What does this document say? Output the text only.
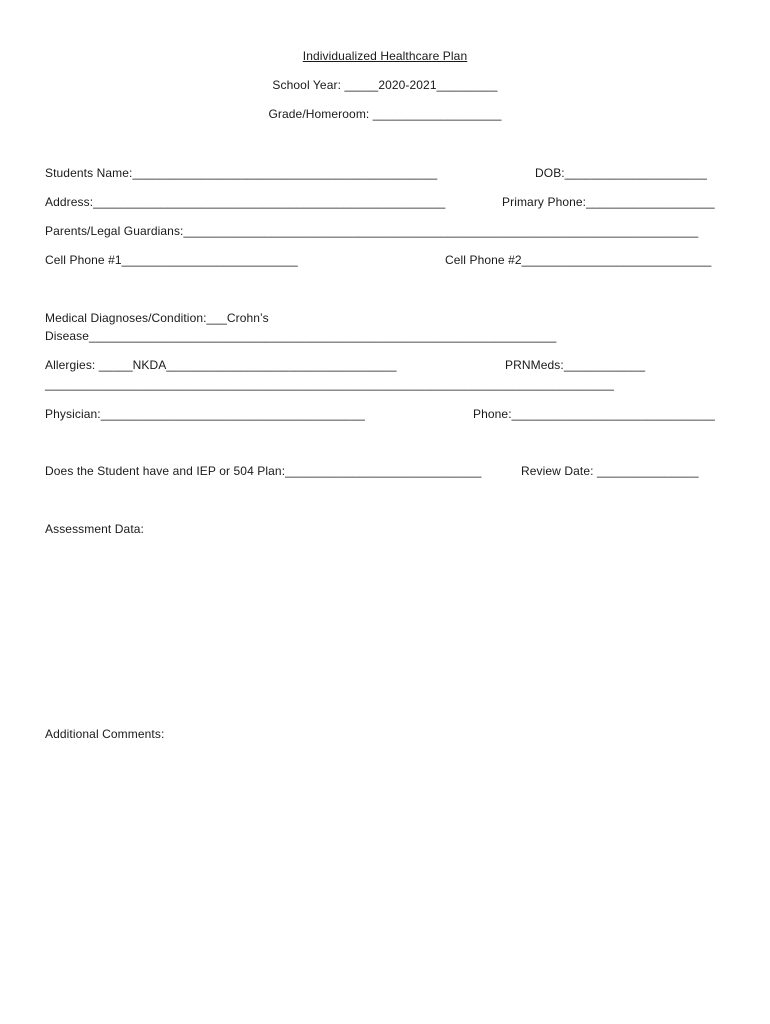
Individualized Healthcare Plan
School Year: _____2020-2021_________
Grade/Homeroom: ___________________
Students Name:_____________________________________________	DOB:_____________________
Address:____________________________________________________	Primary Phone:___________________
Parents/Legal Guardians:____________________________________________________________________________
Cell Phone #1__________________________	Cell Phone #2____________________________
Medical Diagnoses/Condition:___Crohn’s
Disease_____________________________________________________________________
Allergies: _____NKDA__________________________________	PRNMeds:____________
____________________________________________________________________________________
Physician:_______________________________________	Phone:______________________________
Does the Student have and IEP or 504 Plan:_____________________________	Review Date: _______________
Assessment Data:
Additional Comments:
